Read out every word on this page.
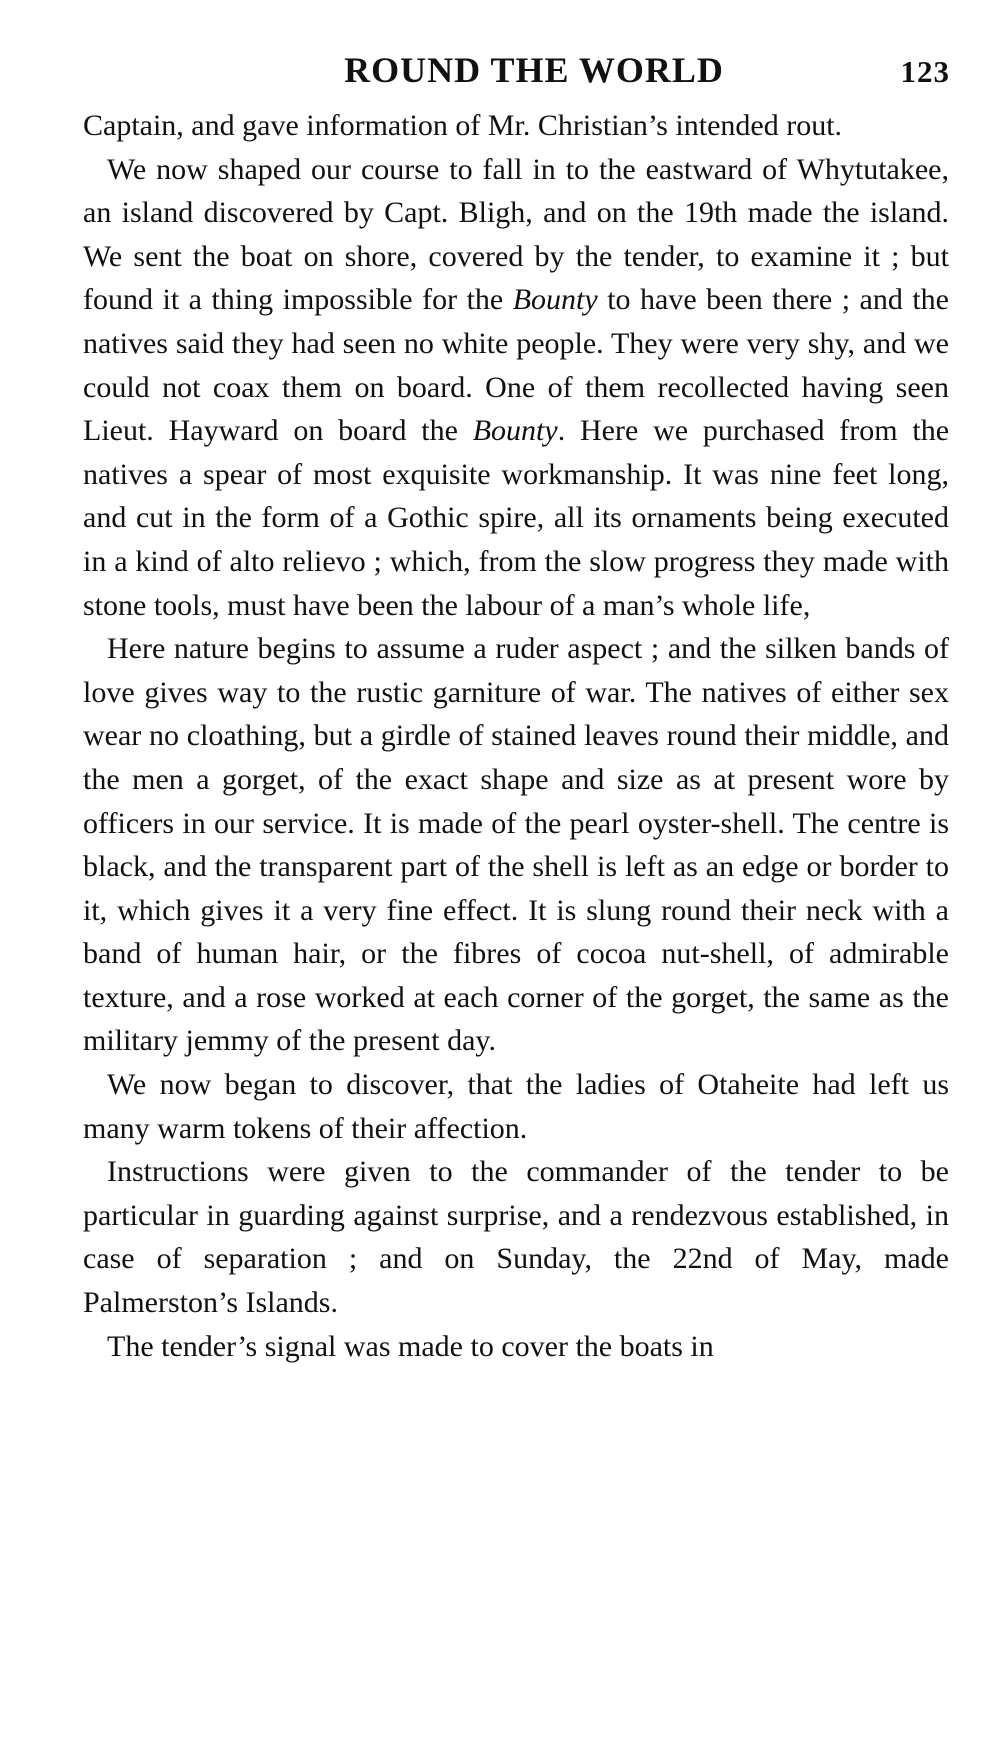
ROUND THE WORLD	123

Captain, and gave information of Mr. Christian’s intended rout.

We now shaped our course to fall in to the eastward of Whytutakee, an island discovered by Capt. Bligh, and on the 19th made the island. We sent the boat on shore, covered by the tender, to examine it ; but found it a thing impossible for the Bounty to have been there ; and the natives said they had seen no white people. They were very shy, and we could not coax them on board. One of them recollected having seen Lieut. Hayward on board the Bounty. Here we purchased from the natives a spear of most exquisite workmanship. It was nine feet long, and cut in the form of a Gothic spire, all its ornaments being executed in a kind of alto relievo ; which, from the slow progress they made with stone tools, must have been the labour of a man’s whole life,

Here nature begins to assume a ruder aspect ; and the silken bands of love gives way to the rustic garniture of war. The natives of either sex wear no cloathing, but a girdle of stained leaves round their middle, and the men a gorget, of the exact shape and size as at present wore by officers in our service. It is made of the pearl oyster-shell. The centre is black, and the transparent part of the shell is left as an edge or border to it, which gives it a very fine effect. It is slung round their neck with a band of human hair, or the fibres of cocoa nut-shell, of admirable texture, and a rose worked at each corner of the gorget, the same as the military jemmy of the present day.

We now began to discover, that the ladies of Otaheite had left us many warm tokens of their affection.

Instructions were given to the commander of the tender to be particular in guarding against surprise, and a rendezvous established, in case of separation ; and on Sunday, the 22nd of May, made Palmerston’s Islands.

The tender’s signal was made to cover the boats in
